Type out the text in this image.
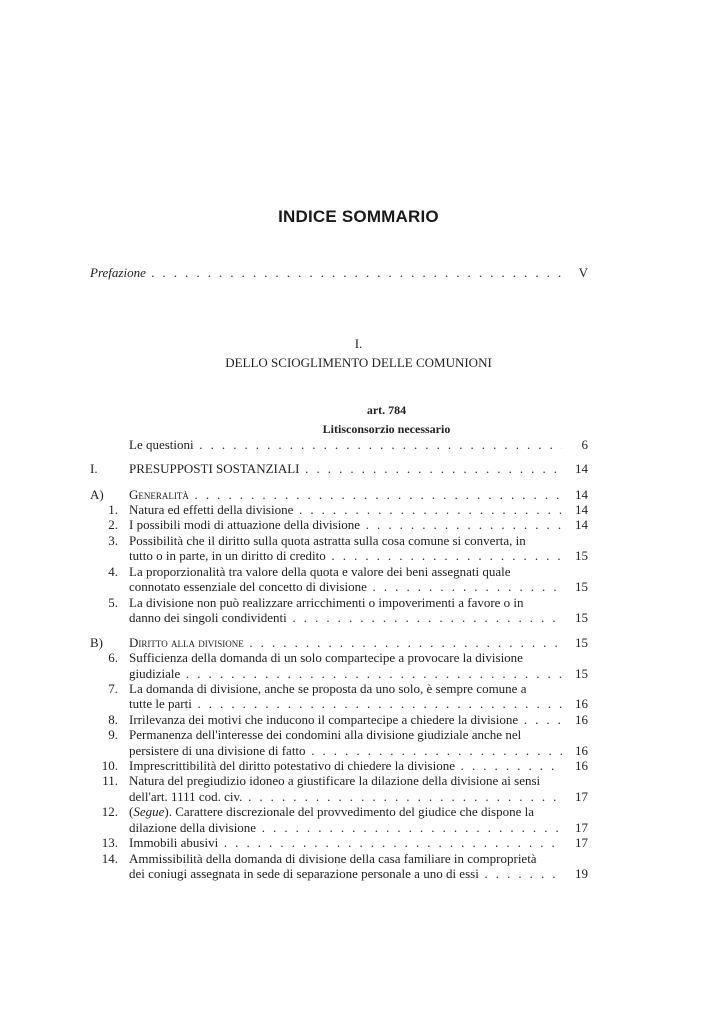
INDICE SOMMARIO
Prefazione . . .	V
I.
DELLO SCIOGLIMENTO DELLE COMUNIONI
art. 784
Litisconsorzio necessario
Le questioni . . .	6
I. PRESUPPOSTI SOSTANZIALI . . .	14
A) Generalità . . .	14
1. Natura ed effetti della divisione . . .	14
2. I possibili modi di attuazione della divisione . . .	14
3. Possibilità che il diritto sulla quota astratta sulla cosa comune si converta, in
tutto o in parte, in un diritto di credito . . .	15
4. La proporzionalità tra valore della quota e valore dei beni assegnati quale
connotato essenziale del concetto di divisione . . .	15
5. La divisione non può realizzare arricchimenti o impoverimenti a favore o in
danno dei singoli condividenti . . .	15
B) Diritto alla divisione . . .	15
6. Sufficienza della domanda di un solo compartecipe a provocare la divisione
giudiziale . . .	15
7. La domanda di divisione, anche se proposta da uno solo, è sempre comune a
tutte le parti . . .	16
8. Irrilevanza dei motivi che inducono il compartecipe a chiedere la divisione . . .	16
9. Permanenza dell'interesse dei condomini alla divisione giudiziale anche nel
persistere di una divisione di fatto . . .	16
10. Imprescrittibilità del diritto potestativo di chiedere la divisione . . .	16
11. Natura del pregiudizio idoneo a giustificare la dilazione della divisione ai sensi
dell'art. 1111 cod. civ. . . .	17
12. (Segue). Carattere discrezionale del provvedimento del giudice che dispone la
dilazione della divisione . . .	17
13. Immobili abusivi . . .	17
14. Ammissibilità della domanda di divisione della casa familiare in comproprietà
dei coniugi assegnata in sede di separazione personale a uno di essi . . .	19
